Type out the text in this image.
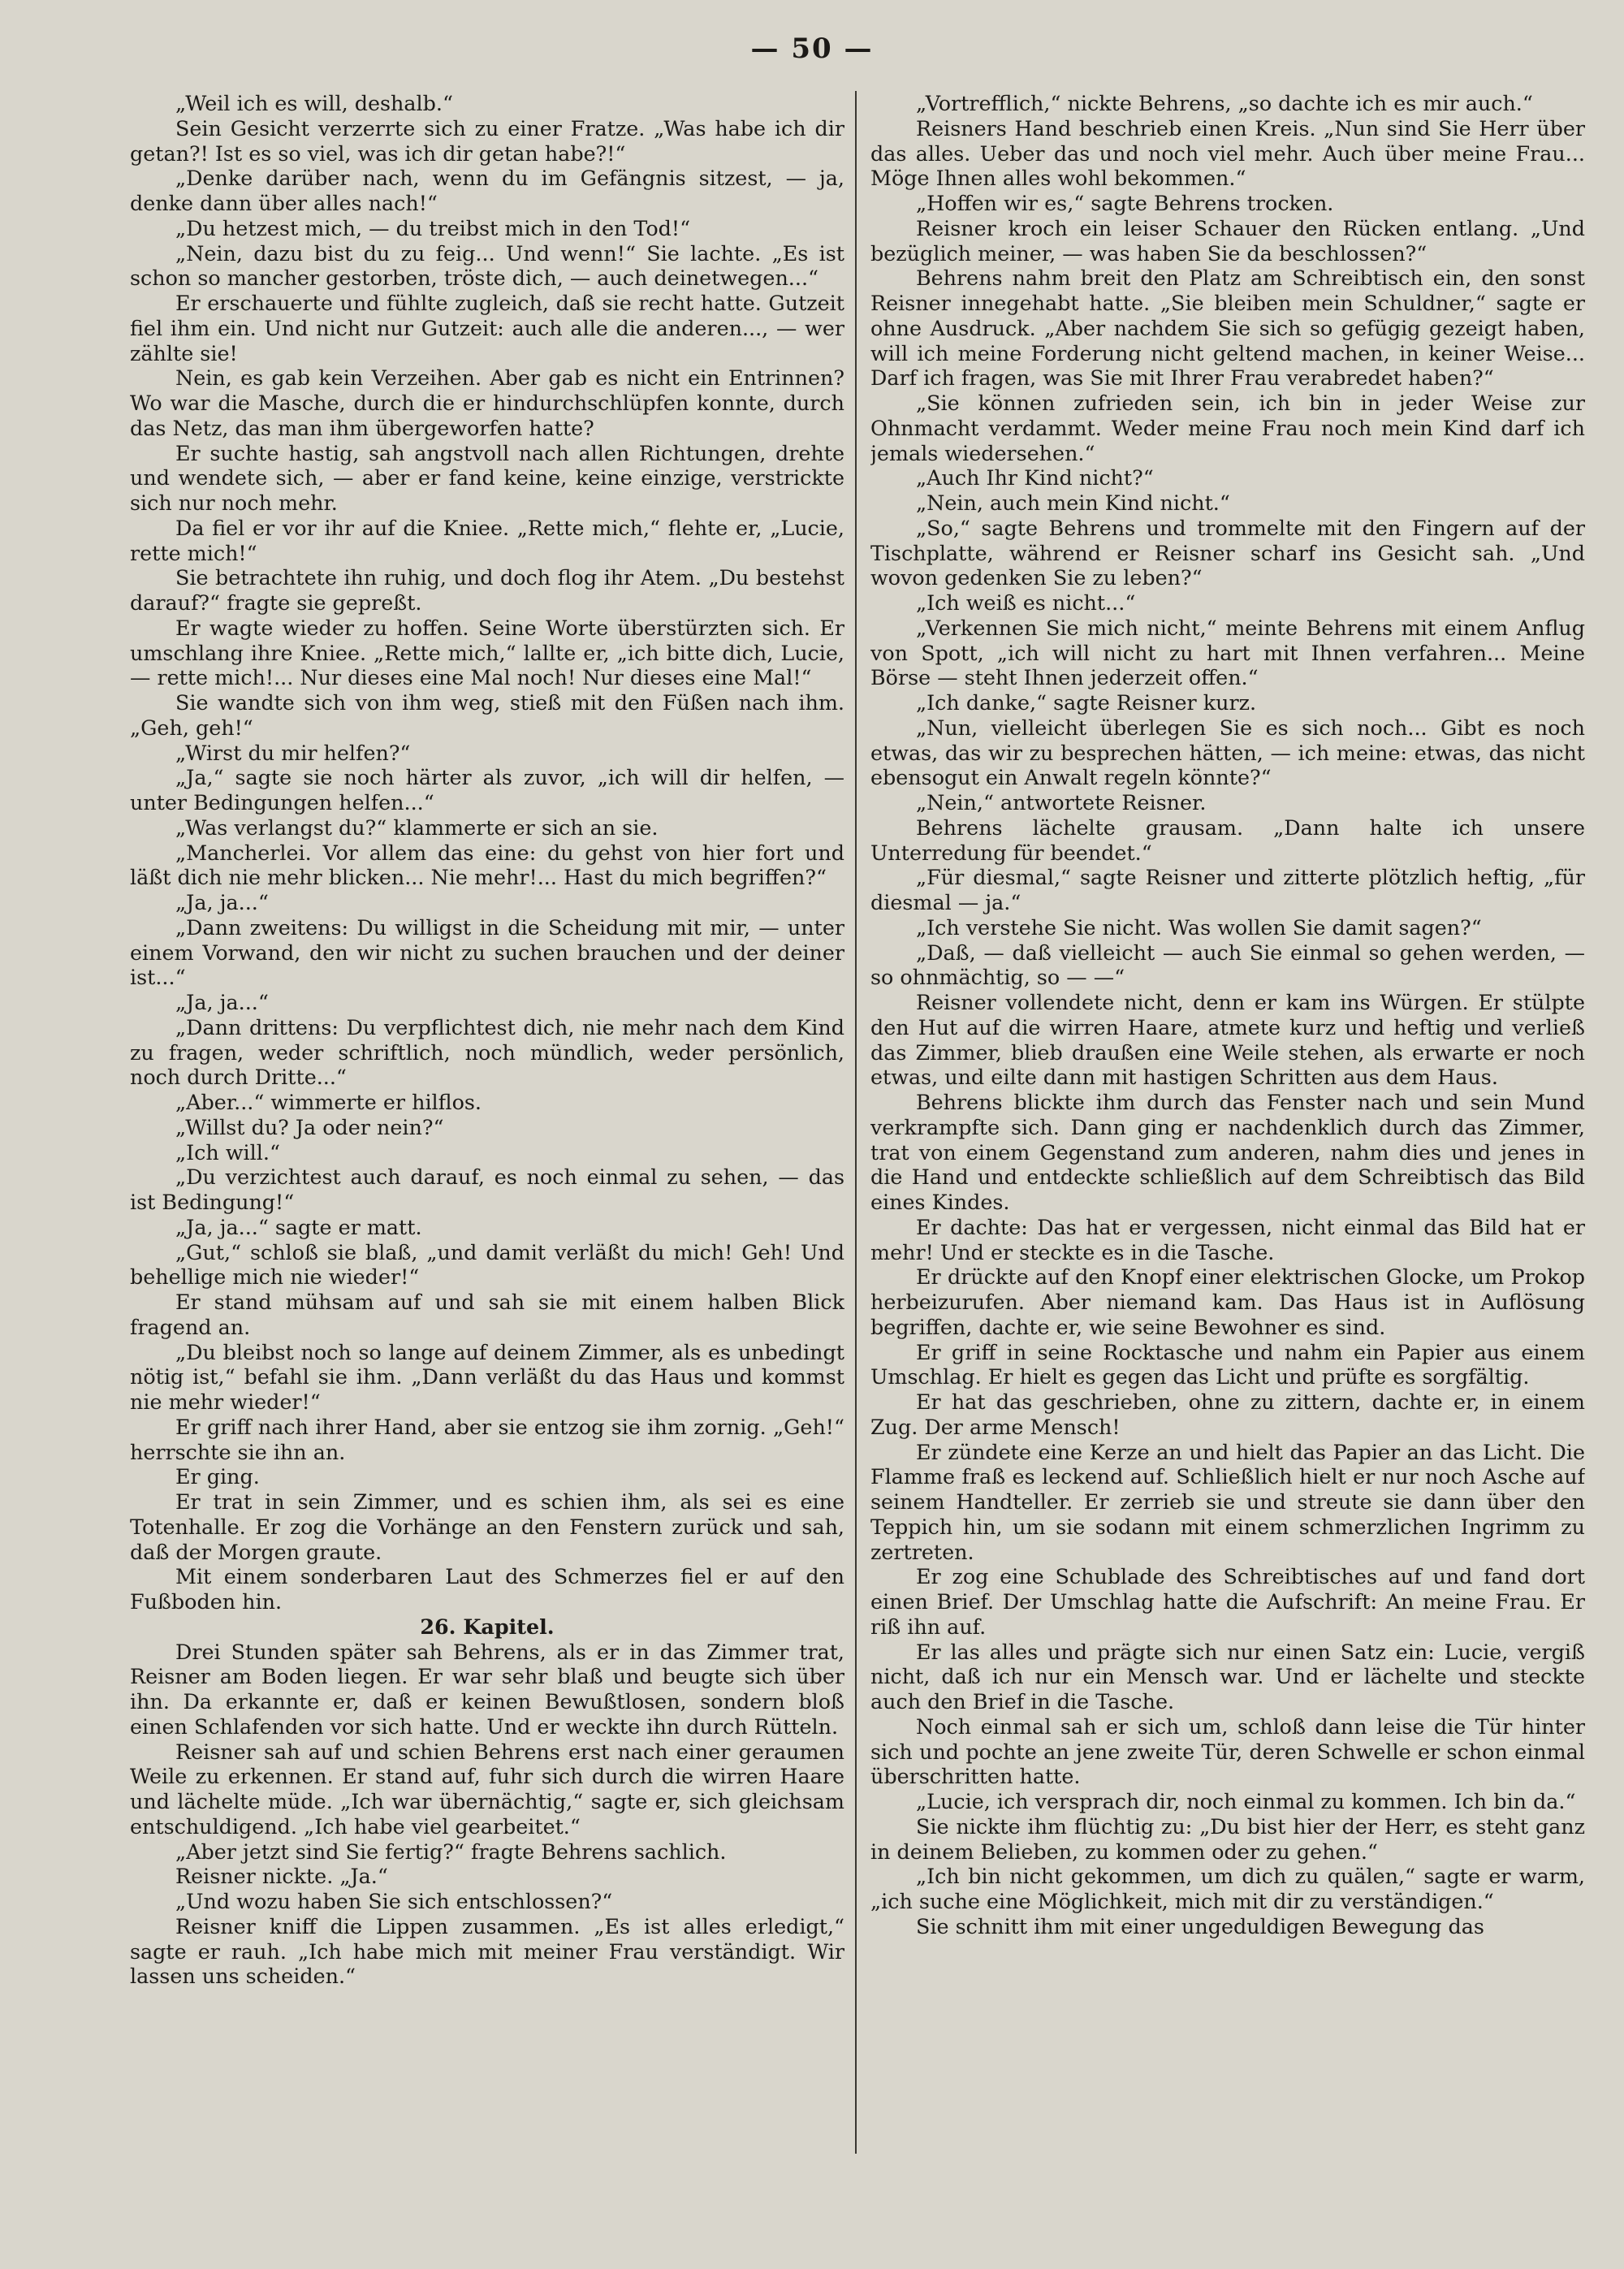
— 50 —

„Weil ich es will, deshalb.“

Sein Gesicht verzerrte sich zu einer Fratze. „Was habe ich dir getan?! Ist es so viel, was ich dir getan habe?!“

„Denke darüber nach, wenn du im Gefängnis sitzest, — ja, denke dann über alles nach!“

„Du hetzest mich, — du treibst mich in den Tod!“

„Nein, dazu bist du zu feig... Und wenn!“ Sie lachte. „Es ist schon so mancher gestorben, tröste dich, — auch deinetwegen...“

Er erschauerte und fühlte zugleich, daß sie recht hatte. Gutzeit fiel ihm ein. Und nicht nur Gutzeit: auch alle die anderen..., — wer zählte sie!

Nein, es gab kein Verzeihen. Aber gab es nicht ein Entrinnen? Wo war die Masche, durch die er hindurchschlüpfen konnte, durch das Netz, das man ihm übergeworfen hatte?

Er suchte hastig, sah angstvoll nach allen Richtungen, drehte und wendete sich, — aber er fand keine, keine einzige, verstrickte sich nur noch mehr.

Da fiel er vor ihr auf die Kniee. „Rette mich,“ flehte er, „Lucie, rette mich!“

Sie betrachtete ihn ruhig, und doch flog ihr Atem. „Du bestehst darauf?“ fragte sie gepreßt.

Er wagte wieder zu hoffen. Seine Worte überstürzten sich. Er umschlang ihre Kniee. „Rette mich,“ lallte er, „ich bitte dich, Lucie, — rette mich!... Nur dieses eine Mal noch! Nur dieses eine Mal!“

Sie wandte sich von ihm weg, stieß mit den Füßen nach ihm. „Geh, geh!“

„Wirst du mir helfen?“

„Ja,“ sagte sie noch härter als zuvor, „ich will dir helfen, — unter Bedingungen helfen...“

„Was verlangst du?“ klammerte er sich an sie.

„Mancherlei. Vor allem das eine: du gehst von hier fort und läßt dich nie mehr blicken... Nie mehr!... Hast du mich begriffen?“

„Ja, ja...“

„Dann zweitens: Du willigst in die Scheidung mit mir, — unter einem Vorwand, den wir nicht zu suchen brauchen und der deiner ist...“

„Ja, ja...“

„Dann drittens: Du verpflichtest dich, nie mehr nach dem Kind zu fragen, weder schriftlich, noch mündlich, weder persönlich, noch durch Dritte...“

„Aber...“ wimmerte er hilflos.

„Willst du? Ja oder nein?“

„Ich will.“

„Du verzichtest auch darauf, es noch einmal zu sehen, — das ist Bedingung!“

„Ja, ja...“ sagte er matt.

„Gut,“ schloß sie blaß, „und damit verläßt du mich! Geh! Und behellige mich nie wieder!“

Er stand mühsam auf und sah sie mit einem halben Blick fragend an.

„Du bleibst noch so lange auf deinem Zimmer, als es unbedingt nötig ist,“ befahl sie ihm. „Dann verläßt du das Haus und kommst nie mehr wieder!“

Er griff nach ihrer Hand, aber sie entzog sie ihm zornig. „Geh!“ herrschte sie ihn an.

Er ging.

Er trat in sein Zimmer, und es schien ihm, als sei es eine Totenhalle. Er zog die Vorhänge an den Fenstern zurück und sah, daß der Morgen graute.

Mit einem sonderbaren Laut des Schmerzes fiel er auf den Fußboden hin.

26. Kapitel.

Drei Stunden später sah Behrens, als er in das Zimmer trat, Reisner am Boden liegen. Er war sehr blaß und beugte sich über ihn. Da erkannte er, daß er keinen Bewußtlosen, sondern bloß einen Schlafenden vor sich hatte. Und er weckte ihn durch Rütteln.

Reisner sah auf und schien Behrens erst nach einer geraumen Weile zu erkennen. Er stand auf, fuhr sich durch die wirren Haare und lächelte müde. „Ich war übernächtig,“ sagte er, sich gleichsam entschuldigend. „Ich habe viel gearbeitet.“

„Aber jetzt sind Sie fertig?“ fragte Behrens sachlich.

Reisner nickte. „Ja.“

„Und wozu haben Sie sich entschlossen?“

Reisner kniff die Lippen zusammen. „Es ist alles erledigt,“ sagte er rauh. „Ich habe mich mit meiner Frau verständigt. Wir lassen uns scheiden.“

„Vortrefflich,“ nickte Behrens, „so dachte ich es mir auch.“

Reisners Hand beschrieb einen Kreis. „Nun sind Sie Herr über das alles. Ueber das und noch viel mehr. Auch über meine Frau... Möge Ihnen alles wohl bekommen.“

„Hoffen wir es,“ sagte Behrens trocken.

Reisner kroch ein leiser Schauer den Rücken entlang. „Und bezüglich meiner, — was haben Sie da beschlossen?“

Behrens nahm breit den Platz am Schreibtisch ein, den sonst Reisner innegehabt hatte. „Sie bleiben mein Schuldner,“ sagte er ohne Ausdruck. „Aber nachdem Sie sich so gefügig gezeigt haben, will ich meine Forderung nicht geltend machen, in keiner Weise... Darf ich fragen, was Sie mit Ihrer Frau verabredet haben?“

„Sie können zufrieden sein, ich bin in jeder Weise zur Ohnmacht verdammt. Weder meine Frau noch mein Kind darf ich jemals wiedersehen.“

„Auch Ihr Kind nicht?“

„Nein, auch mein Kind nicht.“

„So,“ sagte Behrens und trommelte mit den Fingern auf der Tischplatte, während er Reisner scharf ins Gesicht sah. „Und wovon gedenken Sie zu leben?“

„Ich weiß es nicht...“

„Verkennen Sie mich nicht,“ meinte Behrens mit einem Anflug von Spott, „ich will nicht zu hart mit Ihnen verfahren... Meine Börse — steht Ihnen jederzeit offen.“

„Ich danke,“ sagte Reisner kurz.

„Nun, vielleicht überlegen Sie es sich noch... Gibt es noch etwas, das wir zu besprechen hätten, — ich meine: etwas, das nicht ebensogut ein Anwalt regeln könnte?“

„Nein,“ antwortete Reisner.

Behrens lächelte grausam. „Dann halte ich unsere Unterredung für beendet.“

„Für diesmal,“ sagte Reisner und zitterte plötzlich heftig, „für diesmal — ja.“

„Ich verstehe Sie nicht. Was wollen Sie damit sagen?“

„Daß, — daß vielleicht — auch Sie einmal so gehen werden, — so ohnmächtig, so — —“

Reisner vollendete nicht, denn er kam ins Würgen. Er stülpte den Hut auf die wirren Haare, atmete kurz und heftig und verließ das Zimmer, blieb draußen eine Weile stehen, als erwarte er noch etwas, und eilte dann mit hastigen Schritten aus dem Haus.

Behrens blickte ihm durch das Fenster nach und sein Mund verkrampfte sich. Dann ging er nachdenklich durch das Zimmer, trat von einem Gegenstand zum anderen, nahm dies und jenes in die Hand und entdeckte schließlich auf dem Schreibtisch das Bild eines Kindes.

Er dachte: Das hat er vergessen, nicht einmal das Bild hat er mehr! Und er steckte es in die Tasche.

Er drückte auf den Knopf einer elektrischen Glocke, um Prokop herbeizurufen. Aber niemand kam. Das Haus ist in Auflösung begriffen, dachte er, wie seine Bewohner es sind.

Er griff in seine Rocktasche und nahm ein Papier aus einem Umschlag. Er hielt es gegen das Licht und prüfte es sorgfältig.

Er hat das geschrieben, ohne zu zittern, dachte er, in einem Zug. Der arme Mensch!

Er zündete eine Kerze an und hielt das Papier an das Licht. Die Flamme fraß es leckend auf. Schließlich hielt er nur noch Asche auf seinem Handteller. Er zerrieb sie und streute sie dann über den Teppich hin, um sie sodann mit einem schmerzlichen Ingrimm zu zertreten.

Er zog eine Schublade des Schreibtisches auf und fand dort einen Brief. Der Umschlag hatte die Aufschrift: An meine Frau. Er riß ihn auf.

Er las alles und prägte sich nur einen Satz ein: Lucie, vergiß nicht, daß ich nur ein Mensch war. Und er lächelte und steckte auch den Brief in die Tasche.

Noch einmal sah er sich um, schloß dann leise die Tür hinter sich und pochte an jene zweite Tür, deren Schwelle er schon einmal überschritten hatte.

„Lucie, ich versprach dir, noch einmal zu kommen. Ich bin da.“

Sie nickte ihm flüchtig zu: „Du bist hier der Herr, es steht ganz in deinem Belieben, zu kommen oder zu gehen.“

„Ich bin nicht gekommen, um dich zu quälen,“ sagte er warm, „ich suche eine Möglichkeit, mich mit dir zu verständigen.“

Sie schnitt ihm mit einer ungeduldigen Bewegung das
